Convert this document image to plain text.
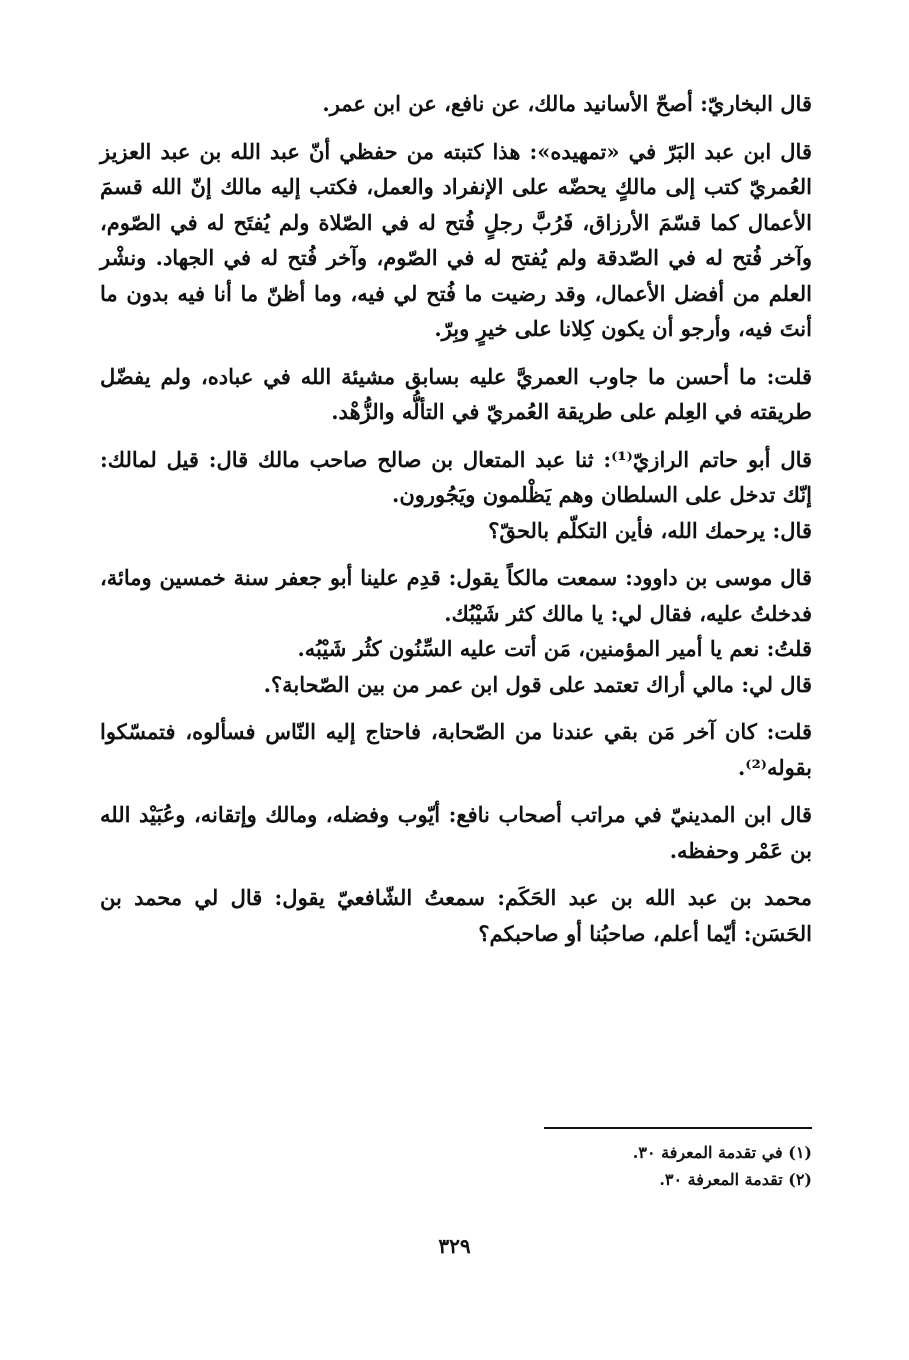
قال البخاريّ: أصحّ الأسانيد مالك، عن نافع، عن ابن عمر.

قال ابن عبد البَرّ في «تمهيده»: هذا كتبته من حفظي أنّ عبد الله بن عبد العزيز العُمريّ كتب إلى مالكٍ يحضّه على الإنفراد والعمل، فكتب إليه مالك إنّ الله قسمَ الأعمال كما قسّمَ الأرزاق، فَرُبَّ رجلٍ فُتح له في الصّلاة ولم يُفتَح له في الصّوم، وآخر فُتح له في الصّدقة ولم يُفتح له في الصّوم، وآخر فُتح له في الجهاد. ونشْر العلم من أفضل الأعمال، وقد رضيت ما فُتح لي فيه، وما أظنّ ما أنا فيه بدون ما أنتَ فيه، وأرجو أن يكون كِلانا على خيرٍ وبِرّ.

قلت: ما أحسن ما جاوب العمريَّ عليه بسابق مشيئة الله في عباده، ولم يفضّل طريقته في العِلم على طريقة العُمريّ في التألُّه والزُّهْد.

قال أبو حاتم الرازيّ⁽¹⁾: ثنا عبد المتعال بن صالح صاحب مالك قال: قيل لمالك: إنّك تدخل على السلطان وهم يَظْلمون ويَجُورون.

قال: يرحمك الله، فأين التكلّم بالحقّ؟

قال موسى بن داوود: سمعت مالكاً يقول: قدِم علينا أبو جعفر سنة خمسين ومائة، فدخلتُ عليه، فقال لي: يا مالك كثر شَيْبُك.

قلتُ: نعم يا أمير المؤمنين، مَن أتت عليه السِّنُون كثُر شَيْبُه.

قال لي: مالي أراك تعتمد على قول ابن عمر من بين الصّحابة؟.

قلت: كان آخر مَن بقي عندنا من الصّحابة، فاحتاج إليه النّاس فسألوه، فتمسّكوا بقوله⁽²⁾.

قال ابن المدينيّ في مراتب أصحاب نافع: أيّوب وفضله، ومالك وإتقانه، وعُبَيْد الله بن عَمْر وحفظه.

محمد بن عبد الله بن عبد الحَكَم: سمعتُ الشّافعيّ يقول: قال لي محمد بن الحَسَن: أيّما أعلم، صاحبُنا أو صاحبكم؟

(١) في تقدمة المعرفة ٣٠.

(٢) تقدمة المعرفة ٣٠.

٣٢٩
